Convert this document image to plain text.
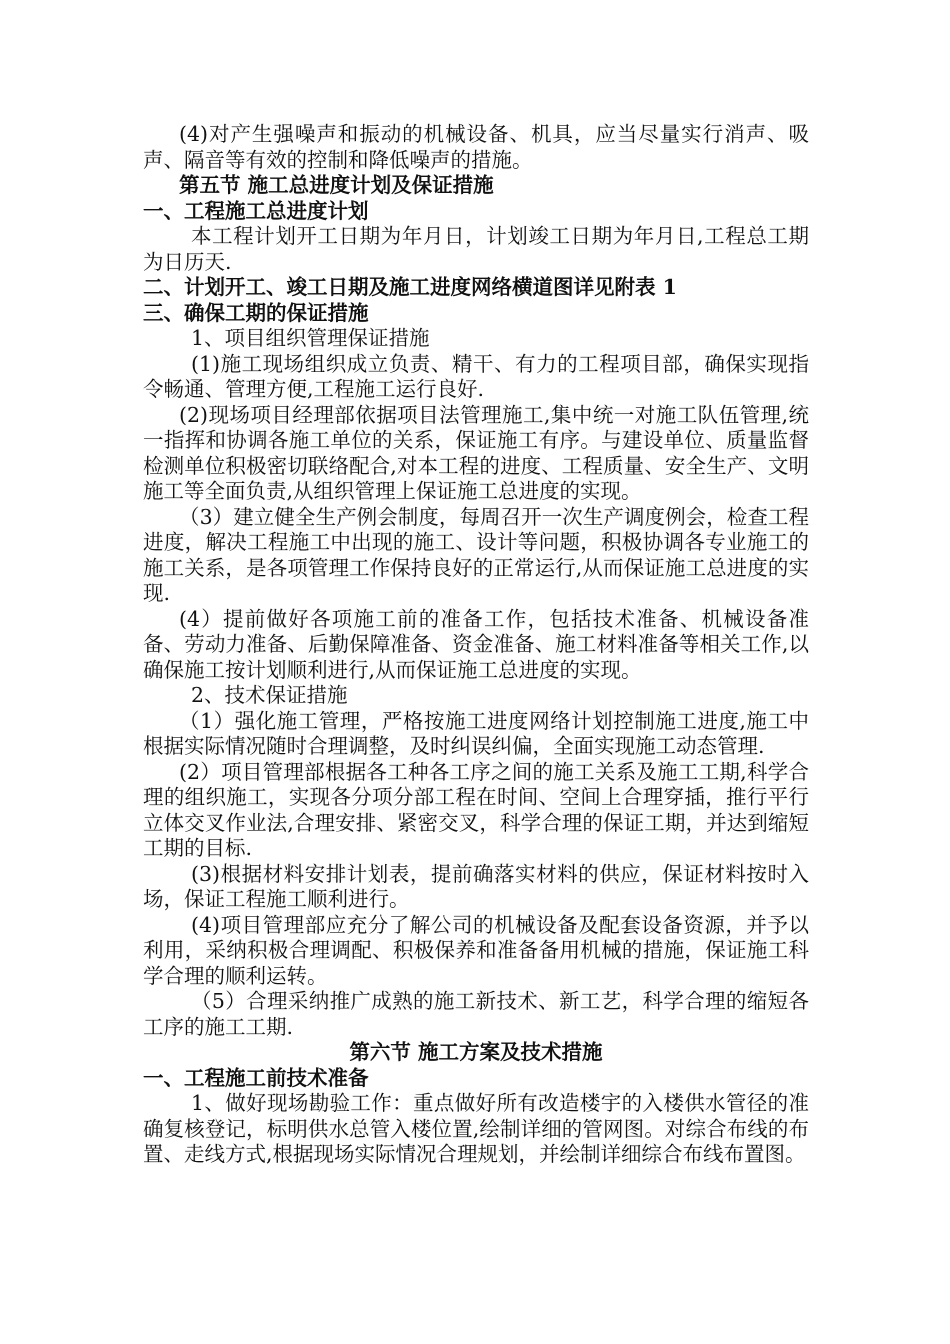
(4)对产生强噪声和振动的机械设备、机具，应当尽量实行消声、吸声、隔音等有效的控制和降低噪声的措施。

第五节 施工总进度计划及保证措施

一、工程施工总进度计划

本工程计划开工日期为年月日，计划竣工日期为年月日,工程总工期为日历天.

二、计划开工、竣工日期及施工进度网络横道图详见附表 1

三、确保工期的保证措施

1、项目组织管理保证措施

(1)施工现场组织成立负责、精干、有力的工程项目部，确保实现指令畅通、管理方便,工程施工运行良好.

(2)现场项目经理部依据项目法管理施工,集中统一对施工队伍管理,统一指挥和协调各施工单位的关系，保证施工有序。与建设单位、质量监督检测单位积极密切联络配合,对本工程的进度、工程质量、安全生产、文明施工等全面负责,从组织管理上保证施工总进度的实现。

（3）建立健全生产例会制度，每周召开一次生产调度例会，检查工程进度，解决工程施工中出现的施工、设计等问题，积极协调各专业施工的施工关系，是各项管理工作保持良好的正常运行,从而保证施工总进度的实现.

(4）提前做好各项施工前的准备工作，包括技术准备、机械设备准备、劳动力准备、后勤保障准备、资金准备、施工材料准备等相关工作,以确保施工按计划顺利进行,从而保证施工总进度的实现。

2、技术保证措施

（1）强化施工管理，严格按施工进度网络计划控制施工进度,施工中根据实际情况随时合理调整，及时纠误纠偏，全面实现施工动态管理.

(2）项目管理部根据各工种各工序之间的施工关系及施工工期,科学合理的组织施工，实现各分项分部工程在时间、空间上合理穿插，推行平行立体交叉作业法,合理安排、紧密交叉，科学合理的保证工期，并达到缩短工期的目标.

(3)根据材料安排计划表，提前确落实材料的供应，保证材料按时入场，保证工程施工顺利进行。

(4)项目管理部应充分了解公司的机械设备及配套设备资源，并予以利用，采纳积极合理调配、积极保养和准备备用机械的措施，保证施工科学合理的顺利运转。

（5）合理采纳推广成熟的施工新技术、新工艺，科学合理的缩短各工序的施工工期.

第六节 施工方案及技术措施

一、工程施工前技术准备

1、做好现场勘验工作：重点做好所有改造楼宇的入楼供水管径的准确复核登记，标明供水总管入楼位置,绘制详细的管网图。对综合布线的布置、走线方式,根据现场实际情况合理规划，并绘制详细综合布线布置图。
